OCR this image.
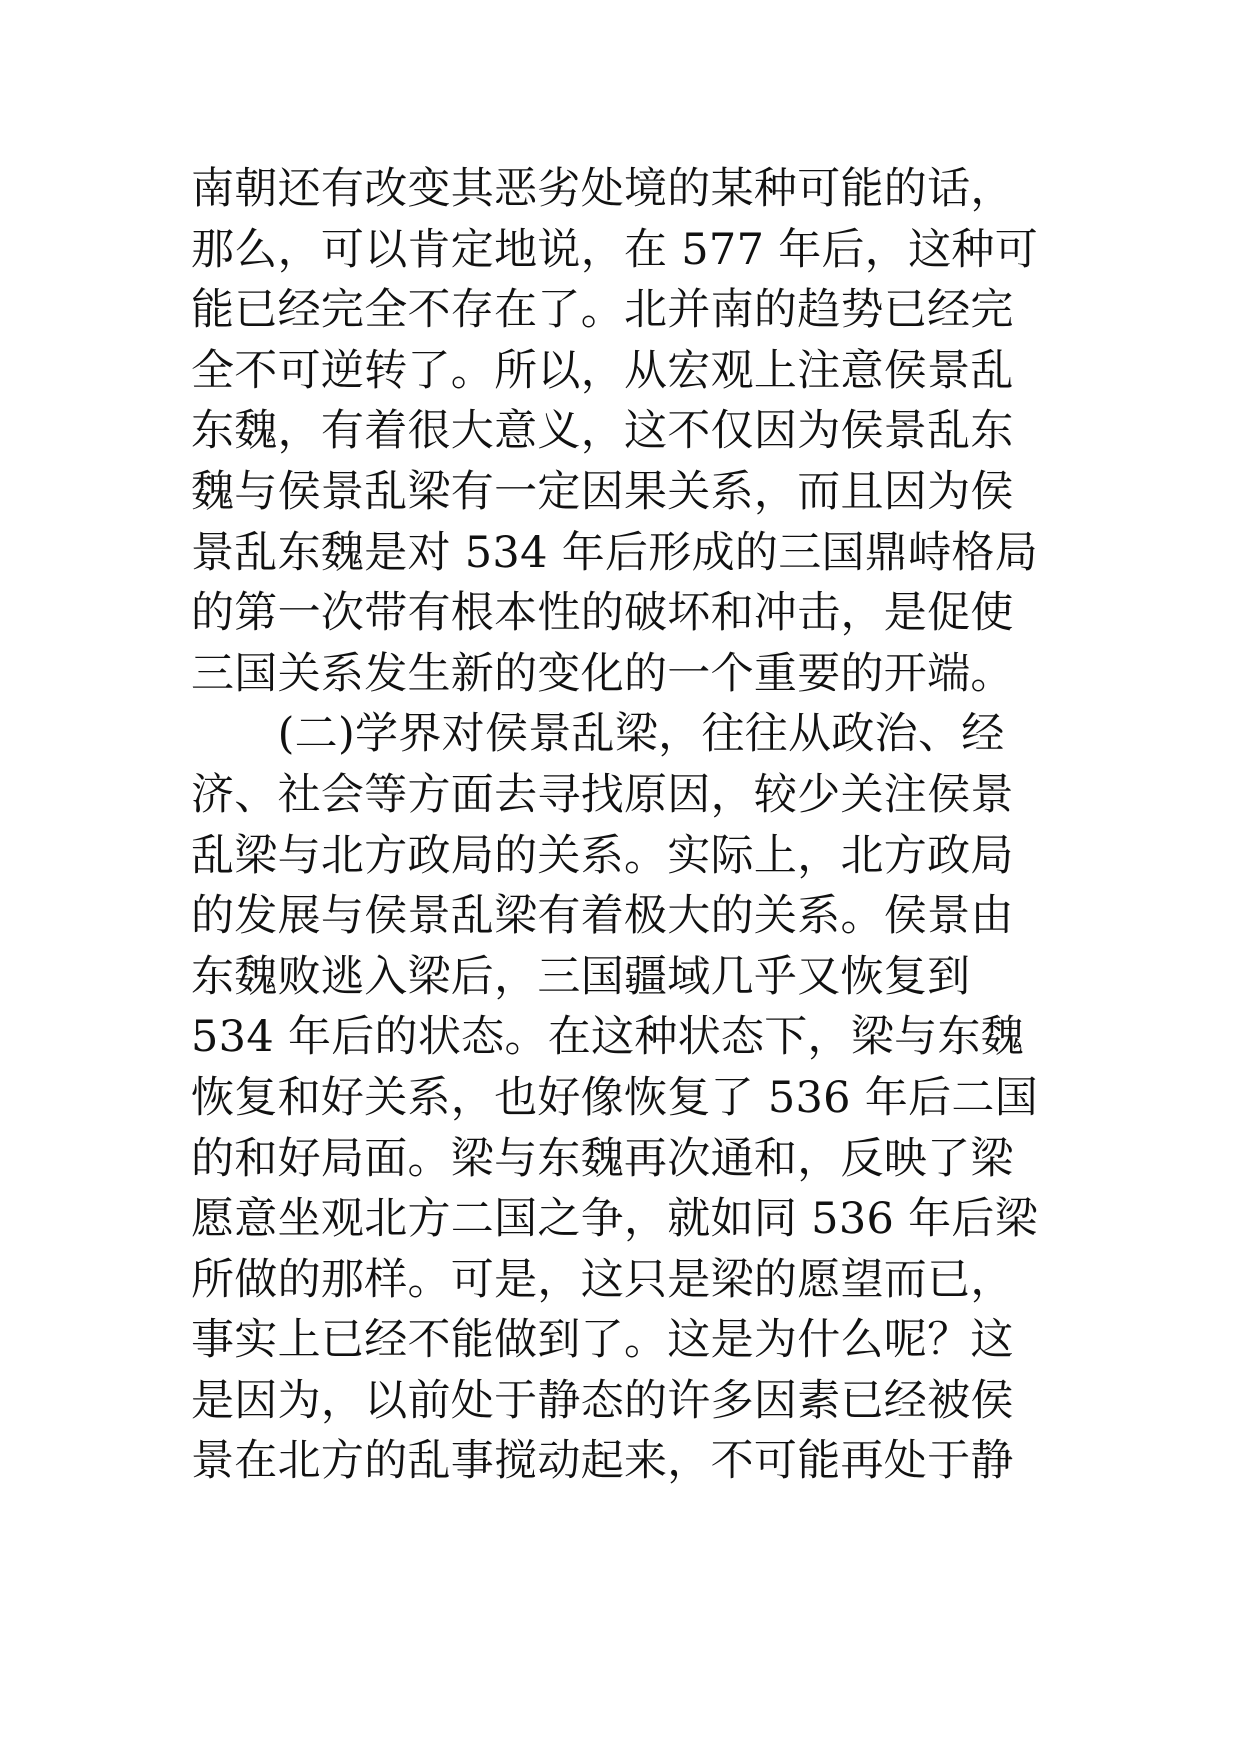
南朝还有改变其恶劣处境的某种可能的话，
那么，可以肯定地说，在 577 年后，这种可
能已经完全不存在了。北并南的趋势已经完
全不可逆转了。所以，从宏观上注意侯景乱
东魏，有着很大意义，这不仅因为侯景乱东
魏与侯景乱梁有一定因果关系，而且因为侯
景乱东魏是对 534 年后形成的三国鼎峙格局
的第一次带有根本性的破坏和冲击，是促使
三国关系发生新的变化的一个重要的开端。
　　(二)学界对侯景乱梁，往往从政治、经
济、社会等方面去寻找原因，较少关注侯景
乱梁与北方政局的关系。实际上，北方政局
的发展与侯景乱梁有着极大的关系。侯景由
东魏败逃入梁后，三国疆域几乎又恢复到
534 年后的状态。在这种状态下，梁与东魏
恢复和好关系，也好像恢复了 536 年后二国
的和好局面。梁与东魏再次通和，反映了梁
愿意坐观北方二国之争，就如同 536 年后梁
所做的那样。可是，这只是梁的愿望而已，
事实上已经不能做到了。这是为什么呢？这
是因为，以前处于静态的许多因素已经被侯
景在北方的乱事搅动起来，不可能再处于静
